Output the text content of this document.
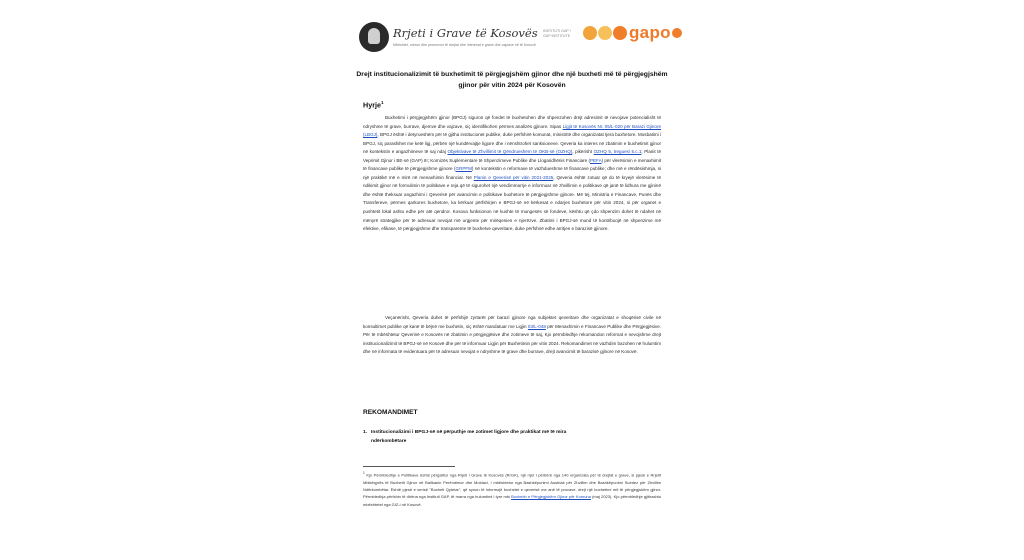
Rrjeti i Grave të Kosovës
Mbështet, mbron dhe promovon të drejtat dhe interesat e grave dhe vajzave në të Kosovë
INSTITUTI GAP / GAP INSTITUTE	gapo
Drejt institucionalizimit të buxhetimit të përgjegjshëm gjinor dhe një buxheti më të përgjegjshëm gjinor për vitin 2024 për Kosovën
Hyrje$^1$
Buxhetimi i përgjegjshëm gjinor (BPGJ) siguron që fondet të buxhetohen dhe shpenzohen drejt adresimit të nevojave potencialisht të ndryshme të grave, burrave, djemve dhe vajzave, siç identifikohen përmes analizës gjinore. Sipas Ligjit të Kosovës Nr. 05/L-020 për Barazi Gjinore (LBGJ), BPGJ është i detyrueshëm për të gjitha institucionet publike, duke përfshirë komunat, ministritë dhe organizatat tjera buxhetore. Mosbatimi i BPGJ, siç parashihet me ketë ligj, përbën një kundërvajtje ligjore dhe i nënshtrohet sanksioneve. Qeveria ka interes në zbatimin e buxhetimit gjinor në kontekstin e angazhimeve të saj ndaj Objektivave të Zhvillimit të Qëndrueshëm të OKB-së (OZHQ), pikërisht OZHQ 5, treguesi 5.c.1; Planit të Veprimit Gjinor i BE-së (GAP) III; Kornizës Suplementare të Shpenzimeve Publike dhe Llogaridhënis Financiare (PEFA) për vlerësimin e menaxhimit të financave publike të përgjegjshme gjinore (GRPFM) në kontekstin e reformave të vazhdueshme të financave publike; dhe më e rëndësishmja, si një praktikë më e mirë në menaxhimin financiar. Në Planin e Qeverisë për vitin 2021-2025, Qeveria është zotuar që do të kryejë vlerësime të ndikimit gjinor në formulimin të politikave e reja që të sigurohet një vendimmarrje e informuar në zhvillimin e politikave që janë të lidhura me gjininë dhe është theksuar angazhimi i Qeverisë për avancimin e politikave buxhetore të përgjegjshme gjinore. Më tej, Ministria e Financave, Punës dhe Transfereve, përmes qarkores buxhetore, ka kërkuar përfshirjen e BPGJ-së në kërkesat e ndarjes buxhetore për vitin 2024, si për organet e pushtetit lokal ashtu edhe për atë qendror. Kosova funksionon në kushte të mungesës së fondeve, kështu që çdo shpenzim duhet të ndahet në mënyrë strategjike për të adresuar nevojat më urgjente për mirëqenien e njerëzve. Zbatimi i BPGJ-së mund të kontribuojë në shpenzime më efektive, efikase, të përgjegjshme dhe transparente të buxhetve qeveritare, duke përfshirë edhe arritjen e barazisë gjinore.
Veçanërisht, Qeveria duhet të përfshijë zyrtarët për barazi gjinore nga subjektet qeveritare dhe organizatat e shoqërisë civile në konsultimet publike që kanë të bëjnë me buxhetin, siç është mandatuar me Ligjin 03/L-048 për Menaxhimin e Financave Publike dhe Përgjegjësive. Për të mbështetur Qeverinë e Kosovës në zbatimin e përgjegjësive dhe zotimeve të saj, Kjo përmbledhje rekomandon reformat e nevojshme drejt institucionalizimit të BPGJ-së në Kosovë dhe për të informuar Ligjin për Buxhetimin për vitin 2024. Rekomandimet në vazhdim bazohen në hulumtim dhe në informata të evidentuara për të adresuar nevojat e ndryshme të grave dhe burrave, drejt avancimit të barazisë gjinore në Kosovë.
REKOMANDIMET
1. Institucionalizimi i BPGJ-së në përputhje me zotimet ligjore dhe praktikat më të mira
ndërkombëtare
$^1$ Kjo Përmbledhje e Politikave është përgatitur nga Rrjeti i Grave të Kosovës (RrGK), një rrjet i përbërë nga 140 organizata për të drejtat e grave, si pjesë e Rrjetit Mbikëqyrës të Buxhetit Gjinor në Ballkanin Perëndimor dhe Moldavi, i mbështetur nga Bashkëpunimi Austriak për Zhvillim dhe Bashkëpunimi Suedez për Zhvillim Ndërkombëtar. Është pjesë e serisë "Buxheti Qytetar", që synon të informojë buxhetet e qeverisë me anë të provave, drejt një buxhetimi më të përgjegjshëm gjinor. Përmbledhja përfshin të dhëna nga Instituti GAP, të marra nga hulumtimi i tyre mbi Buxhetin e Përgjegjshëm Gjinor për Komuna (maj 2023). Kjo përmbledhje gjithashtu mbështetet nga GIZ-i në Kosovë.
